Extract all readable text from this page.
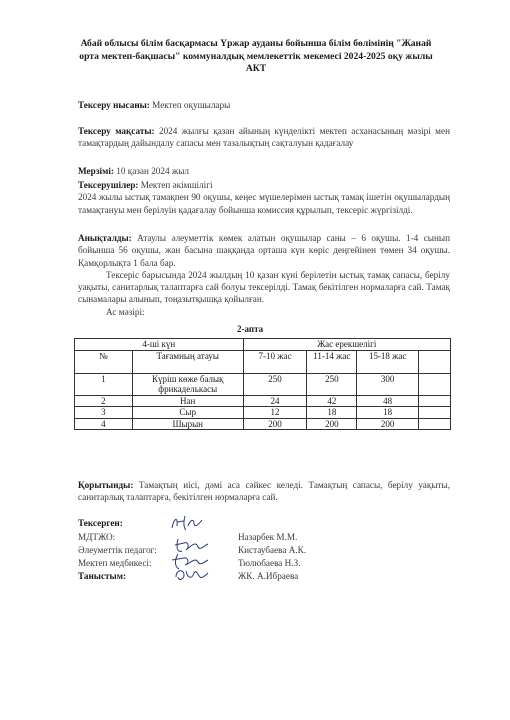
Абай облысы білім басқармасы Үржар ауданы бойынша білім бөлімінің "Жанай
орта мектеп-бақшасы" коммуналдық мемлекеттік мекемесі 2024-2025 оқу жылы
АКТ
Тексеру нысаны: Мектеп оқушылары
Тексеру мақсаты: 2024 жылғы қазан айының күнделікті мектеп асханасының мәзірі мен тамақтардың дайындалу сапасы мен тазалықтың сақталуын қадағалау
Мерзімі: 10 қазан 2024 жыл
Тексерушілер: Мектеп әкімшілігі
2024 жылы ыстық тамақпен 90 оқушы, кеңес мүшелерімен ыстық тамақ ішетін оқушылардың тамақтануы мен берілуін қадағалау бойынша комиссия құрылып, тексеріс жүргізілді.
Анықталды: Атаулы әлеуметтік көмек алатын оқушылар саны – 6 оқушы. 1-4 сынып бойынша 56 оқушы, жан басына шаққанда орташа күн көріс деңгейінен төмен 34 оқушы. Қамқорлықта 1 бала бар.
Тексеріс барысында 2024 жылдың 10 қазан күні берілетін ыстық тамақ сапасы, берілу уақыты, санитарлық талаптарға сай болуы тексерілді. Тамақ бекітілген нормаларға сай. Тамақ сынамалары алынып, тоңазытқышқа қойылған.
Ас мәзірі:
2-апта
4-ші күн		Жас ерекшелігі			
№	Тағамның атауы	7-10 жас	11-14 жас	15-18 жас	
1	Күріш көже балық фрикаделькасы	250	250	300	
2	Нан	24	42	48	
3	Сыр	12	18	18	
4	Шырын	200	200	200	
Қорытынды: Тамақтың иісі, дәмі аса сәйкес келеді. Тамақтың сапасы, берілу уақыты, санитарлық талаптарға, бекітілген нормаларға сай.
Тексерген:
МДТЖО:	Назарбек М.М.
Әлеуметтік педагог:	Кистаубаева А.К.
Мектеп медбикесі:	Тюлюбаева Н.З.
Таныстым:	ЖК. А.Ибраева
